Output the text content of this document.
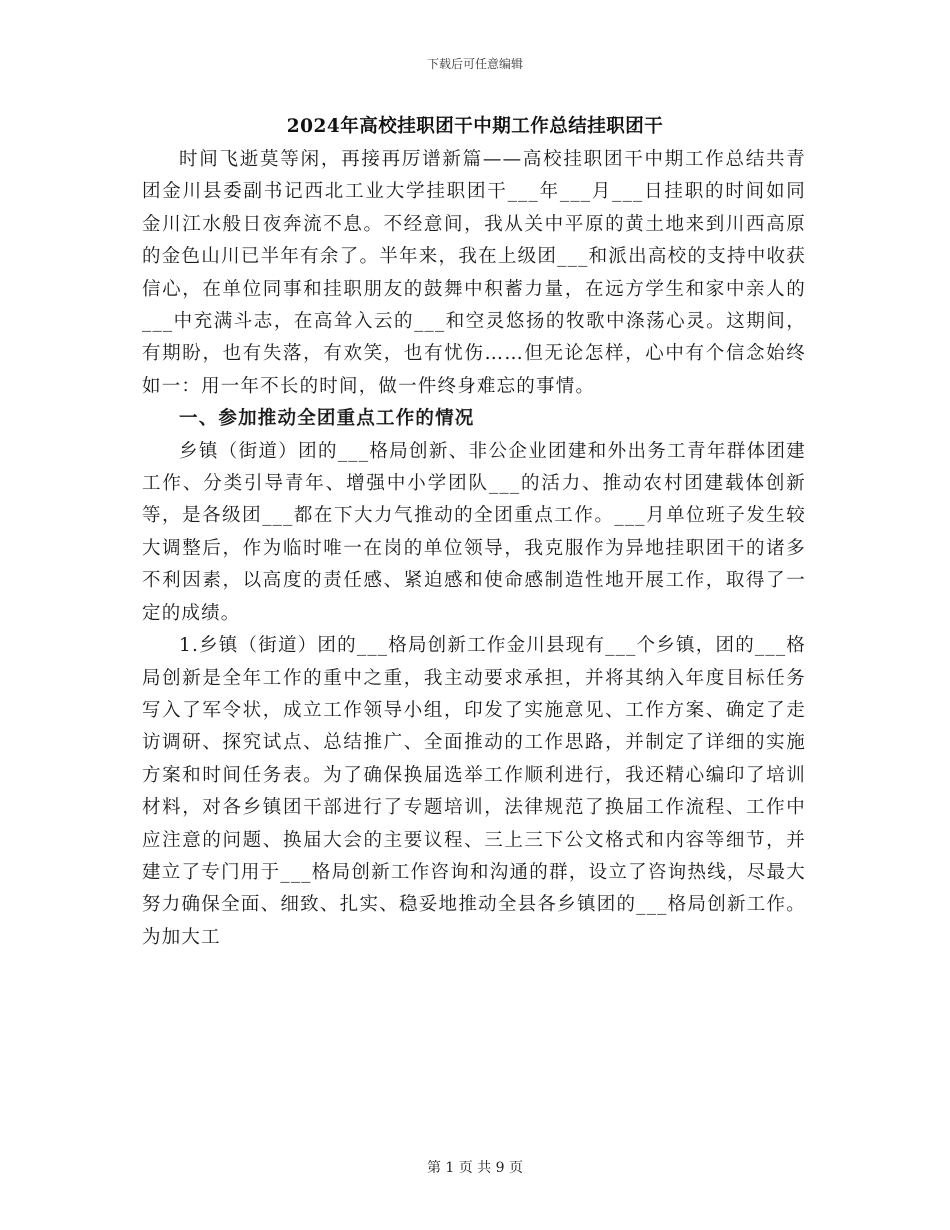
下载后可任意编辑
2024年高校挂职团干中期工作总结挂职团干

时间飞逝莫等闲，再接再厉谱新篇——高校挂职团干中期工作总结共青团金川县委副书记西北工业大学挂职团干___年___月___日挂职的时间如同金川江水般日夜奔流不息。不经意间，我从关中平原的黄土地来到川西高原的金色山川已半年有余了。半年来，我在上级团___和派出高校的支持中收获信心，在单位同事和挂职朋友的鼓舞中积蓄力量，在远方学生和家中亲人的___中充满斗志，在高耸入云的___和空灵悠扬的牧歌中涤荡心灵。这期间，有期盼，也有失落，有欢笑，也有忧伤……但无论怎样，心中有个信念始终如一：用一年不长的时间，做一件终身难忘的事情。

一、参加推动全团重点工作的情况

乡镇（街道）团的___格局创新、非公企业团建和外出务工青年群体团建工作、分类引导青年、增强中小学团队___的活力、推动农村团建载体创新等，是各级团___都在下大力气推动的全团重点工作。___月单位班子发生较大调整后，作为临时唯一在岗的单位领导，我克服作为异地挂职团干的诸多不利因素，以高度的责任感、紧迫感和使命感制造性地开展工作，取得了一定的成绩。

1.乡镇（街道）团的___格局创新工作金川县现有___个乡镇，团的___格局创新是全年工作的重中之重，我主动要求承担，并将其纳入年度目标任务写入了军令状，成立工作领导小组，印发了实施意见、工作方案、确定了走访调研、探究试点、总结推广、全面推动的工作思路，并制定了详细的实施方案和时间任务表。为了确保换届选举工作顺利进行，我还精心编印了培训材料，对各乡镇团干部进行了专题培训，法律规范了换届工作流程、工作中应注意的问题、换届大会的主要议程、三上三下公文格式和内容等细节，并建立了专门用于___格局创新工作咨询和沟通的群，设立了咨询热线，尽最大努力确保全面、细致、扎实、稳妥地推动全县各乡镇团的___格局创新工作。为加大工

第 1 页 共 9 页
